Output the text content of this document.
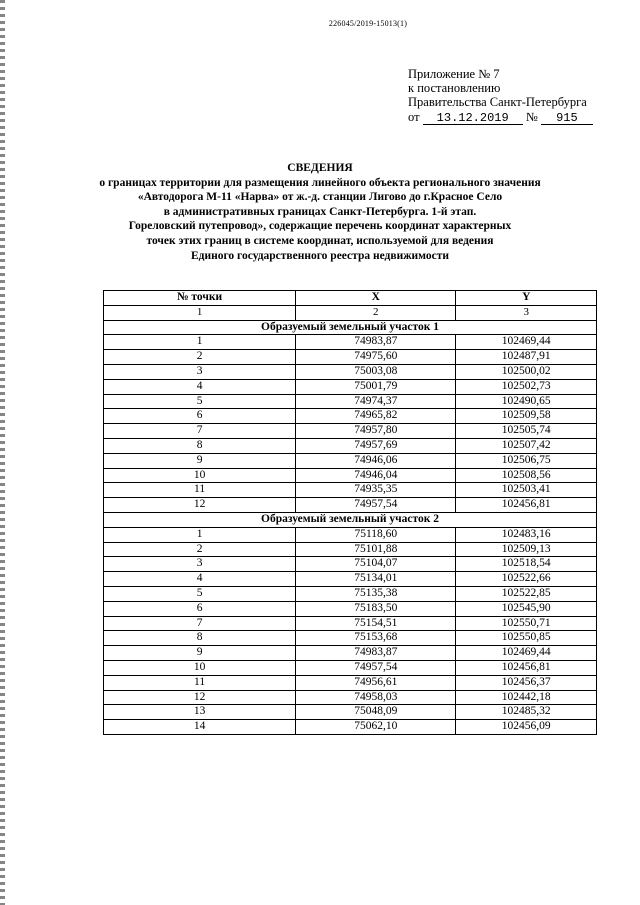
226045/2019-15013(1)
Приложение № 7
к постановлению
Правительства Санкт-Петербурга
от 13.12.2019 № 915
СВЕДЕНИЯ
о границах территории для размещения линейного объекта регионального значения
«Автодорога М-11 «Нарва» от ж.-д. станции Лигово до г.Красное Село
в административных границах Санкт-Петербурга. 1-й этап.
Гореловский путепровод», содержащие перечень координат характерных
точек этих границ в системе координат, используемой для ведения
Единого государственного реестра недвижимости
№ точки	X	Y
1	2	3
Образуемый земельный участок 1		
1	74983,87	102469,44
2	74975,60	102487,91
3	75003,08	102500,02
4	75001,79	102502,73
5	74974,37	102490,65
6	74965,82	102509,58
7	74957,80	102505,74
8	74957,69	102507,42
9	74946,06	102506,75
10	74946,04	102508,56
11	74935,35	102503,41
12	74957,54	102456,81
Образуемый земельный участок 2		
1	75118,60	102483,16
2	75101,88	102509,13
3	75104,07	102518,54
4	75134,01	102522,66
5	75135,38	102522,85
6	75183,50	102545,90
7	75154,51	102550,71
8	75153,68	102550,85
9	74983,87	102469,44
10	74957,54	102456,81
11	74956,61	102456,37
12	74958,03	102442,18
13	75048,09	102485,32
14	75062,10	102456,09
